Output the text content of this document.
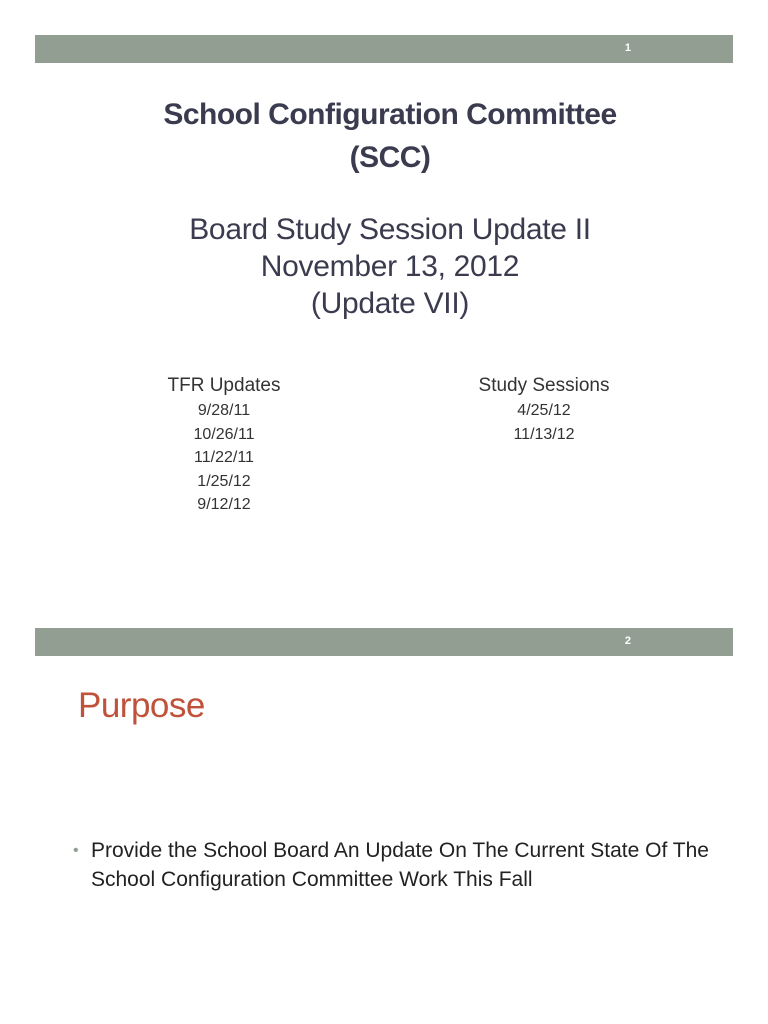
1
School Configuration Committee
(SCC)
Board Study Session Update II
November 13, 2012
(Update VII)
TFR Updates
9/28/11
10/26/11
11/22/11
1/25/12
9/12/12
Study Sessions
4/25/12
11/13/12
2
Purpose
• Provide the School Board An Update On The Current State Of The School Configuration Committee Work This Fall
